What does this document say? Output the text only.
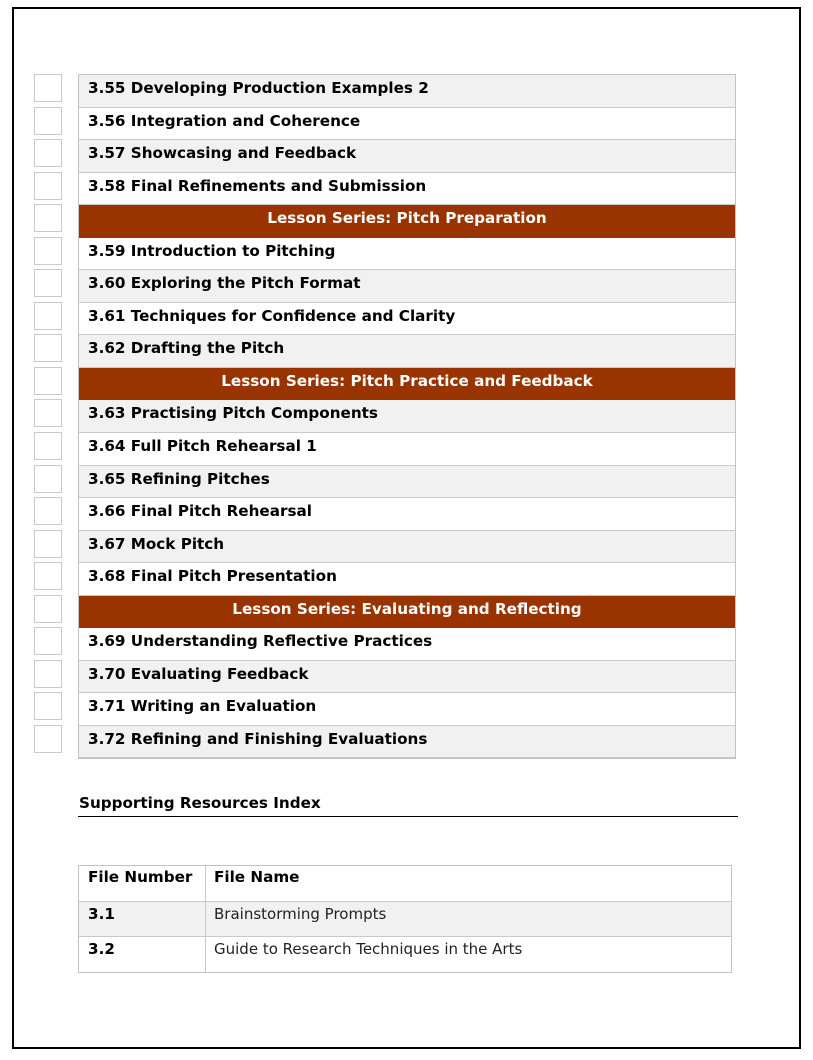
3.55 Developing Production Examples 2
3.56 Integration and Coherence
3.57 Showcasing and Feedback
3.58 Final Refinements and Submission
Lesson Series: Pitch Preparation
3.59 Introduction to Pitching
3.60 Exploring the Pitch Format
3.61 Techniques for Confidence and Clarity
3.62 Drafting the Pitch
Lesson Series: Pitch Practice and Feedback
3.63 Practising Pitch Components
3.64 Full Pitch Rehearsal 1
3.65 Refining Pitches
3.66 Final Pitch Rehearsal
3.67 Mock Pitch
3.68 Final Pitch Presentation
Lesson Series: Evaluating and Reflecting
3.69 Understanding Reflective Practices
3.70 Evaluating Feedback
3.71 Writing an Evaluation
3.72 Refining and Finishing Evaluations
Supporting Resources Index
File Number	File Name
3.1	Brainstorming Prompts
3.2	Guide to Research Techniques in the Arts
